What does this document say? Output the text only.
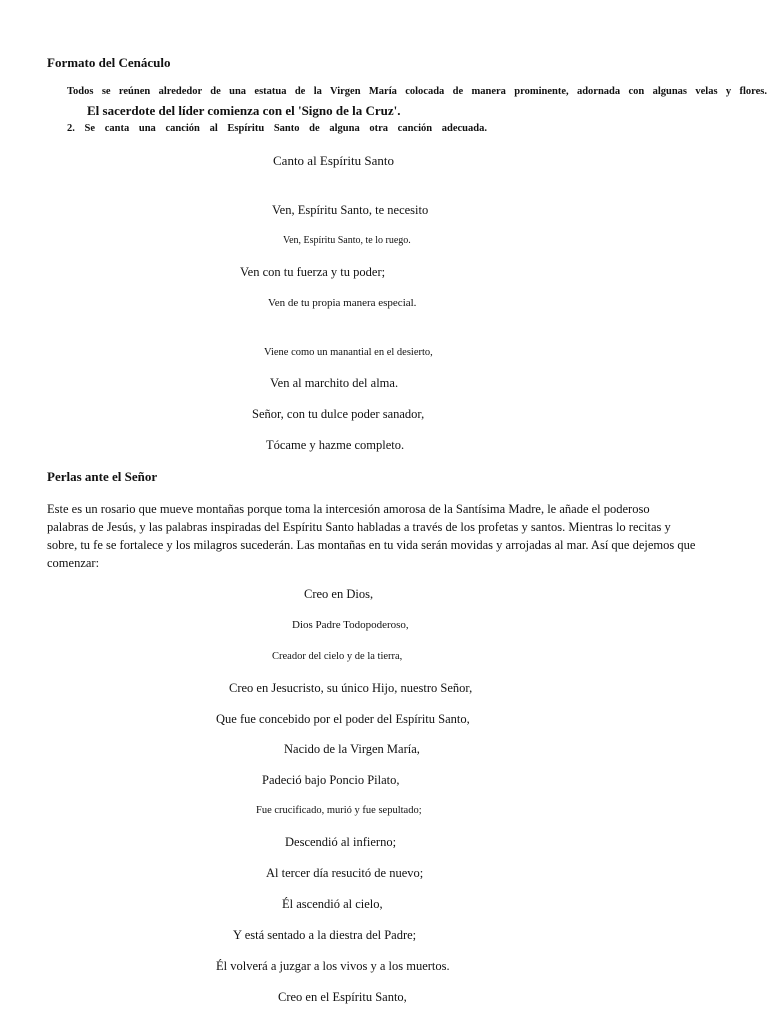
Formato del Cenáculo
Todos se reúnen alrededor de una estatua de la Virgen María colocada de manera prominente, adornada con algunas velas y flores.
El sacerdote del líder comienza con el 'Signo de la Cruz'.
2. Se canta una canción al Espíritu Santo de alguna otra canción adecuada.
Canto al Espíritu Santo
Ven, Espíritu Santo, te necesito
Ven, Espíritu Santo, te lo ruego.
Ven con tu fuerza y tu poder;
Ven de tu propia manera especial.
Viene como un manantial en el desierto,
Ven al marchito del alma.
Señor, con tu dulce poder sanador,
Tócame y hazme completo.
Perlas ante el Señor
Este es un rosario que mueve montañas porque toma la intercesión amorosa de la Santísima Madre, le añade el poderoso
palabras de Jesús, y las palabras inspiradas del Espíritu Santo habladas a través de los profetas y santos. Mientras lo recitas y
sobre, tu fe se fortalece y los milagros sucederán. Las montañas en tu vida serán movidas y arrojadas al mar. Así que dejemos que
comenzar:
Creo en Dios,
Dios Padre Todopoderoso,
Creador del cielo y de la tierra,
Creo en Jesucristo, su único Hijo, nuestro Señor,
Que fue concebido por el poder del Espíritu Santo,
Nacido de la Virgen María,
Padeció bajo Poncio Pilato,
Fue crucificado, murió y fue sepultado;
Descendió al infierno;
Al tercer día resucitó de nuevo;
Él ascendió al cielo,
Y está sentado a la diestra del Padre;
Él volverá a juzgar a los vivos y a los muertos.
Creo en el Espíritu Santo,
